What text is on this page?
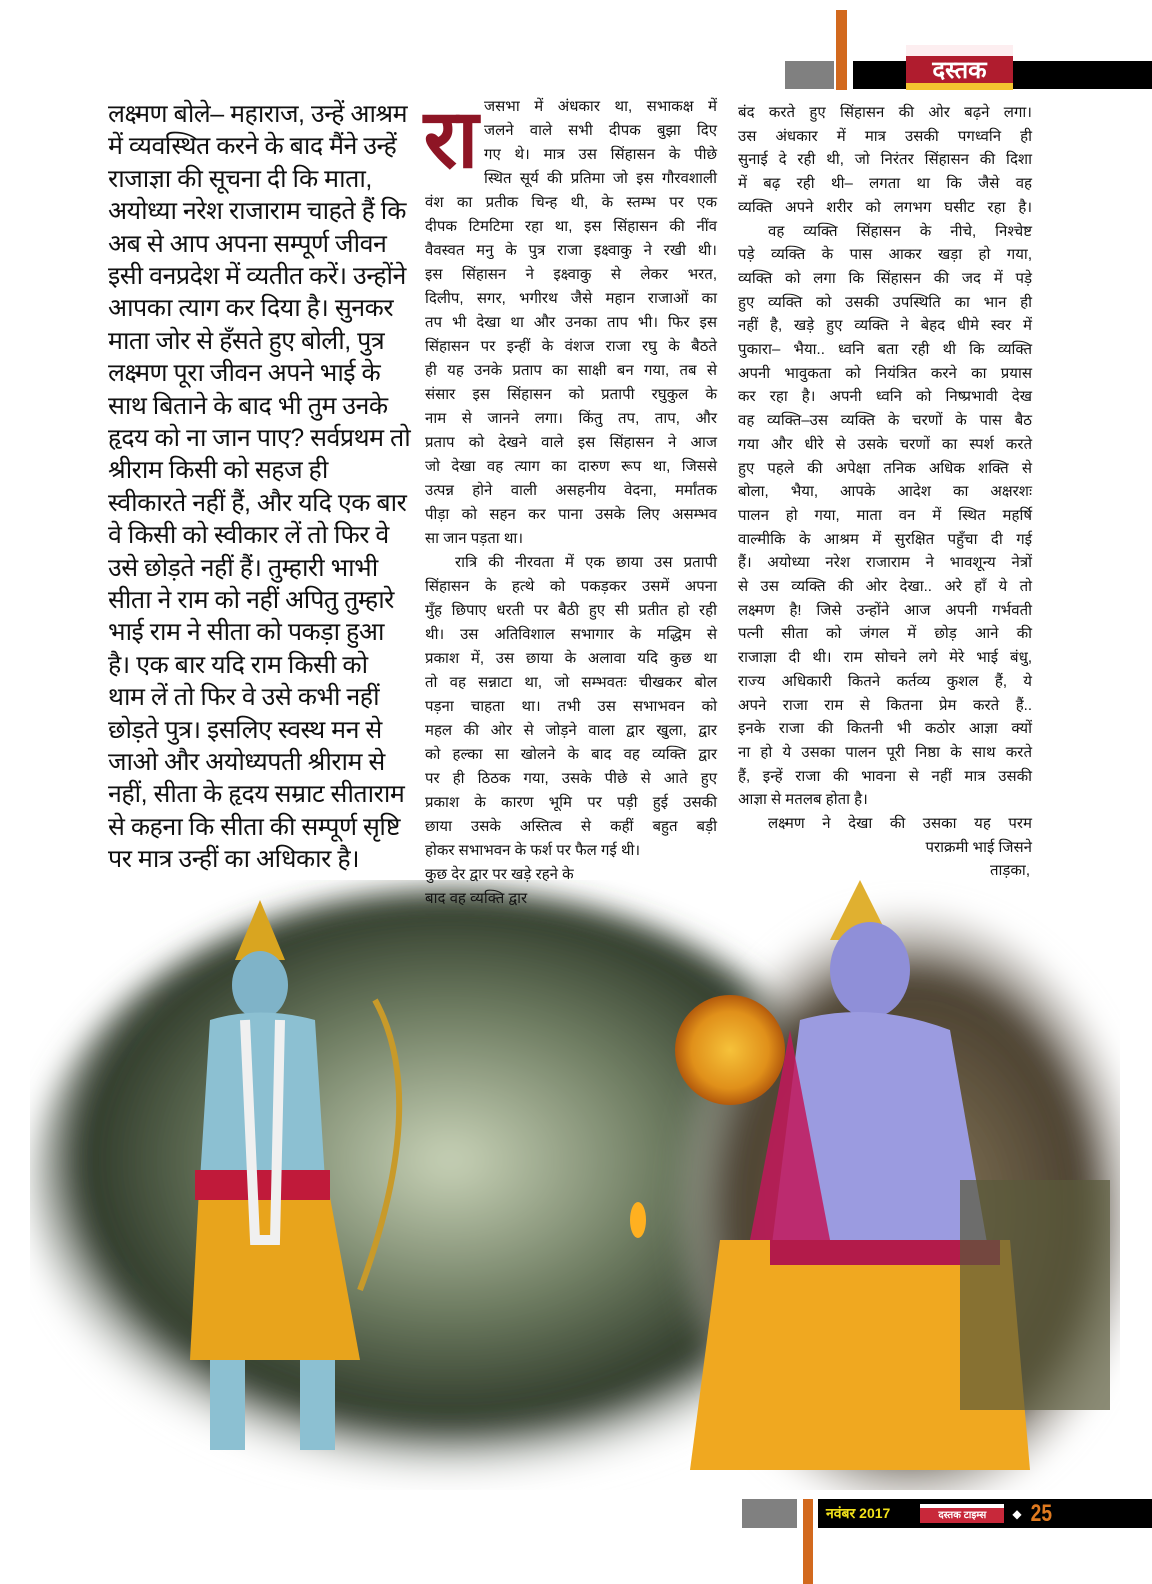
दस्तक
रा
लक्ष्मण बोले– महाराज, उन्हें आश्रम
में व्यवस्थित करने के बाद मैंने उन्हें
राजाज्ञा की सूचना दी कि माता,
अयोध्या नरेश राजाराम चाहते हैं कि
अब से आप अपना सम्पूर्ण जीवन
इसी वनप्रदेश में व्यतीत करें। उन्होंने
आपका त्याग कर दिया है। सुनकर
माता जोर से हँसते हुए बोली, पुत्र
लक्ष्मण पूरा जीवन अपने भाई के
साथ बिताने के बाद भी तुम उनके
हृदय को ना जान पाए? सर्वप्रथम तो
श्रीराम किसी को सहज ही
स्वीकारते नहीं हैं, और यदि एक बार
वे किसी को स्वीकार लें तो फिर वे
उसे छोड़ते नहीं हैं। तुम्हारी भाभी
सीता ने राम को नहीं अपितु तुम्हारे
भाई राम ने सीता को पकड़ा हुआ
है। एक बार यदि राम किसी को
थाम लें तो फिर वे उसे कभी नहीं
छोड़ते पुत्र। इसलिए स्वस्थ मन से
जाओ और अयोध्यपती श्रीराम से
नहीं, सीता के हृदय सम्राट सीताराम
से कहना कि सीता की सम्पूर्ण सृष्टि
पर मात्र उन्हीं का अधिकार है।
जसभा में अंधकार था, सभाकक्ष में
जलने वाले सभी दीपक बुझा दिए
गए थे। मात्र उस सिंहासन के पीछे
स्थित सूर्य की प्रतिमा जो इस गौरवशाली
वंश का प्रतीक चिन्ह थी, के स्तम्भ पर एक
दीपक टिमटिमा रहा था, इस सिंहासन की नींव
वैवस्वत मनु के पुत्र राजा इक्ष्वाकु ने रखी थी।
इस सिंहासन ने इक्ष्वाकु से लेकर भरत,
दिलीप, सगर, भगीरथ जैसे महान राजाओं का
तप भी देखा था और उनका ताप भी। फिर इस
सिंहासन पर इन्हीं के वंशज राजा रघु के बैठते
ही यह उनके प्रताप का साक्षी बन गया, तब से
संसार इस सिंहासन को प्रतापी रघुकुल के
नाम से जानने लगा। किंतु तप, ताप, और
प्रताप को देखने वाले इस सिंहासन ने आज
जो देखा वह त्याग का दारुण रूप था, जिससे
उत्पन्न होने वाली असहनीय वेदना, मर्मांतक
पीड़ा को सहन कर पाना उसके लिए असम्भव
सा जान पड़ता था।
रात्रि की नीरवता में एक छाया उस प्रतापी
सिंहासन के हत्थे को पकड़कर उसमें अपना
मुँह छिपाए धरती पर बैठी हुए सी प्रतीत हो रही
थी। उस अतिविशाल सभागार के मद्धिम से
प्रकाश में, उस छाया के अलावा यदि कुछ था
तो वह सन्नाटा था, जो सम्भवतः चीखकर बोल
पड़ना चाहता था। तभी उस सभाभवन को
महल की ओर से जोड़ने वाला द्वार खुला, द्वार
को हल्का सा खोलने के बाद वह व्यक्ति द्वार
पर ही ठिठक गया, उसके पीछे से आते हुए
प्रकाश के कारण भूमि पर पड़ी हुई उसकी
छाया उसके अस्तित्व से कहीं बहुत बड़ी
होकर सभाभवन के फर्श पर फैल गई थी।
कुछ देर द्वार पर खड़े रहने के
बाद वह व्यक्ति द्वार
बंद करते हुए सिंहासन की ओर बढ़ने लगा।
उस अंधकार में मात्र उसकी पगध्वनि ही
सुनाई दे रही थी, जो निरंतर सिंहासन की दिशा
में बढ़ रही थी– लगता था कि जैसे वह
व्यक्ति अपने शरीर को लगभग घसीट रहा है।
वह व्यक्ति सिंहासन के नीचे, निश्चेष्ट
पड़े व्यक्ति के पास आकर खड़ा हो गया,
व्यक्ति को लगा कि सिंहासन की जद में पड़े
हुए व्यक्ति को उसकी उपस्थिति का भान ही
नहीं है, खड़े हुए व्यक्ति ने बेहद धीमे स्वर में
पुकारा– भैया.. ध्वनि बता रही थी कि व्यक्ति
अपनी भावुकता को नियंत्रित करने का प्रयास
कर रहा है। अपनी ध्वनि को निष्प्रभावी देख
वह व्यक्ति–उस व्यक्ति के चरणों के पास बैठ
गया और धीरे से उसके चरणों का स्पर्श करते
हुए पहले की अपेक्षा तनिक अधिक शक्ति से
बोला, भैया, आपके आदेश का अक्षरशः
पालन हो गया, माता वन में स्थित महर्षि
वाल्मीकि के आश्रम में सुरक्षित पहुँचा दी गई
हैं। अयोध्या नरेश राजाराम ने भावशून्य नेत्रों
से उस व्यक्ति की ओर देखा.. अरे हाँ ये तो
लक्ष्मण है! जिसे उन्होंने आज अपनी गर्भवती
पत्नी सीता को जंगल में छोड़ आने की
राजाज्ञा दी थी। राम सोचने लगे मेरे भाई बंधु,
राज्य अधिकारी कितने कर्तव्य कुशल हैं, ये
अपने राजा राम से कितना प्रेम करते हैं..
इनके राजा की कितनी भी कठोर आज्ञा क्यों
ना हो ये उसका पालन पूरी निष्ठा के साथ करते
हैं, इन्हें राजा की भावना से नहीं मात्र उसकी
आज्ञा से मतलब होता है।
लक्ष्मण ने देखा की उसका यह परम
पराक्रमी भाई जिसने
ताड़का,
नवंबर 2017	दस्तक टाइम्स ◆ 25
